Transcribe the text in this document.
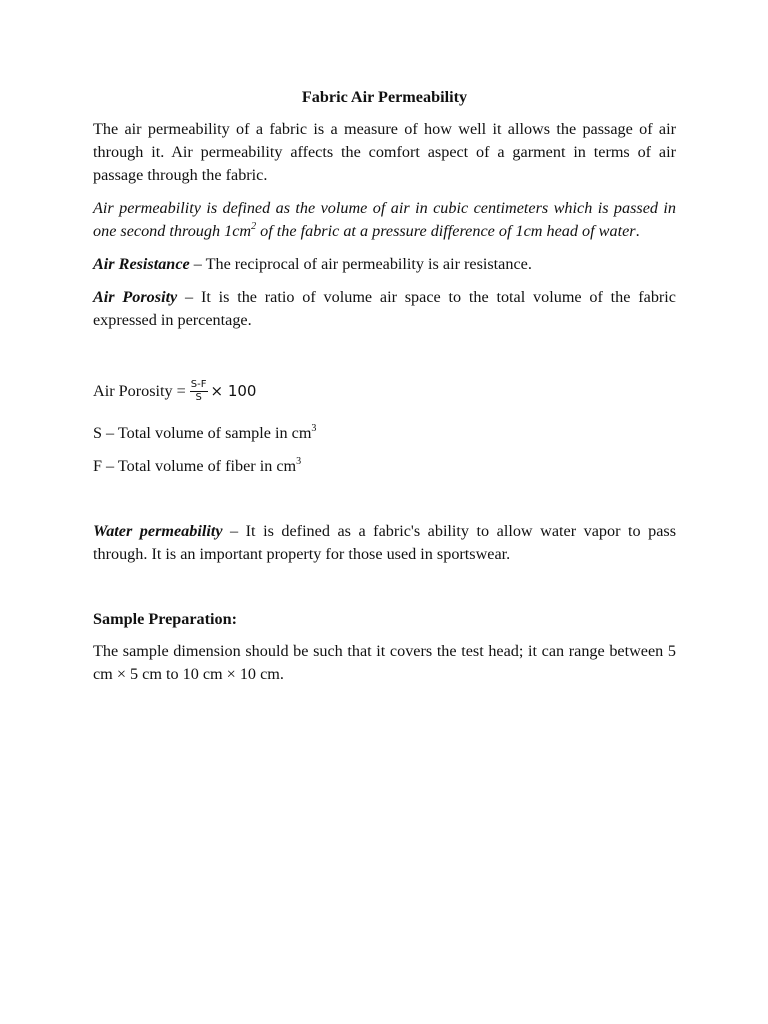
Fabric Air Permeability

The air permeability of a fabric is a measure of how well it allows the passage of air through it. Air permeability affects the comfort aspect of a garment in terms of air passage through the fabric.

Air permeability is defined as the volume of air in cubic centimeters which is passed in one second through $1cm^2$ of the fabric at a pressure difference of 1cm head of water.

Air Resistance – The reciprocal of air permeability is air resistance.

Air Porosity – It is the ratio of volume air space to the total volume of the fabric expressed in percentage.

Air Porosity = $\frac{S-F}{S} \times 100$
S – Total volume of sample in $cm^3$
F – Total volume of fiber in $cm^3$

Water permeability – It is defined as a fabric's ability to allow water vapor to pass through. It is an important property for those used in sportswear.

Sample Preparation:

The sample dimension should be such that it covers the test head; it can range between 5 cm × 5 cm to 10 cm × 10 cm.
